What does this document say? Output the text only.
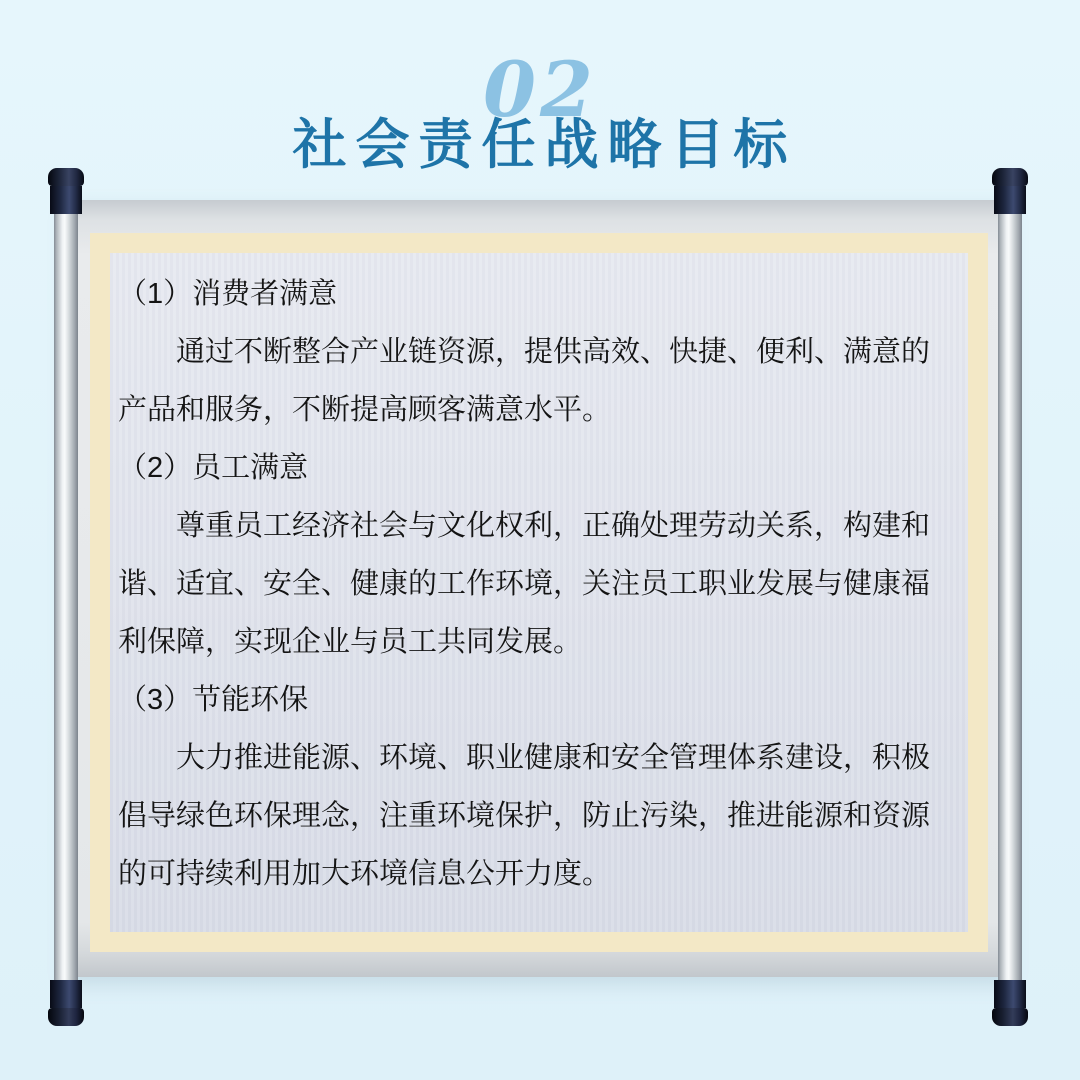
02
社会责任战略目标
（1）消费者满意
通过不断整合产业链资源，提供高效、快捷、便利、满意的
产品和服务，不断提高顾客满意水平。
（2）员工满意
尊重员工经济社会与文化权利，正确处理劳动关系，构建和
谐、适宜、安全、健康的工作环境，关注员工职业发展与健康福
利保障，实现企业与员工共同发展。
（3）节能环保
大力推进能源、环境、职业健康和安全管理体系建设，积极
倡导绿色环保理念，注重环境保护，防止污染，推进能源和资源
的可持续利用加大环境信息公开力度。
